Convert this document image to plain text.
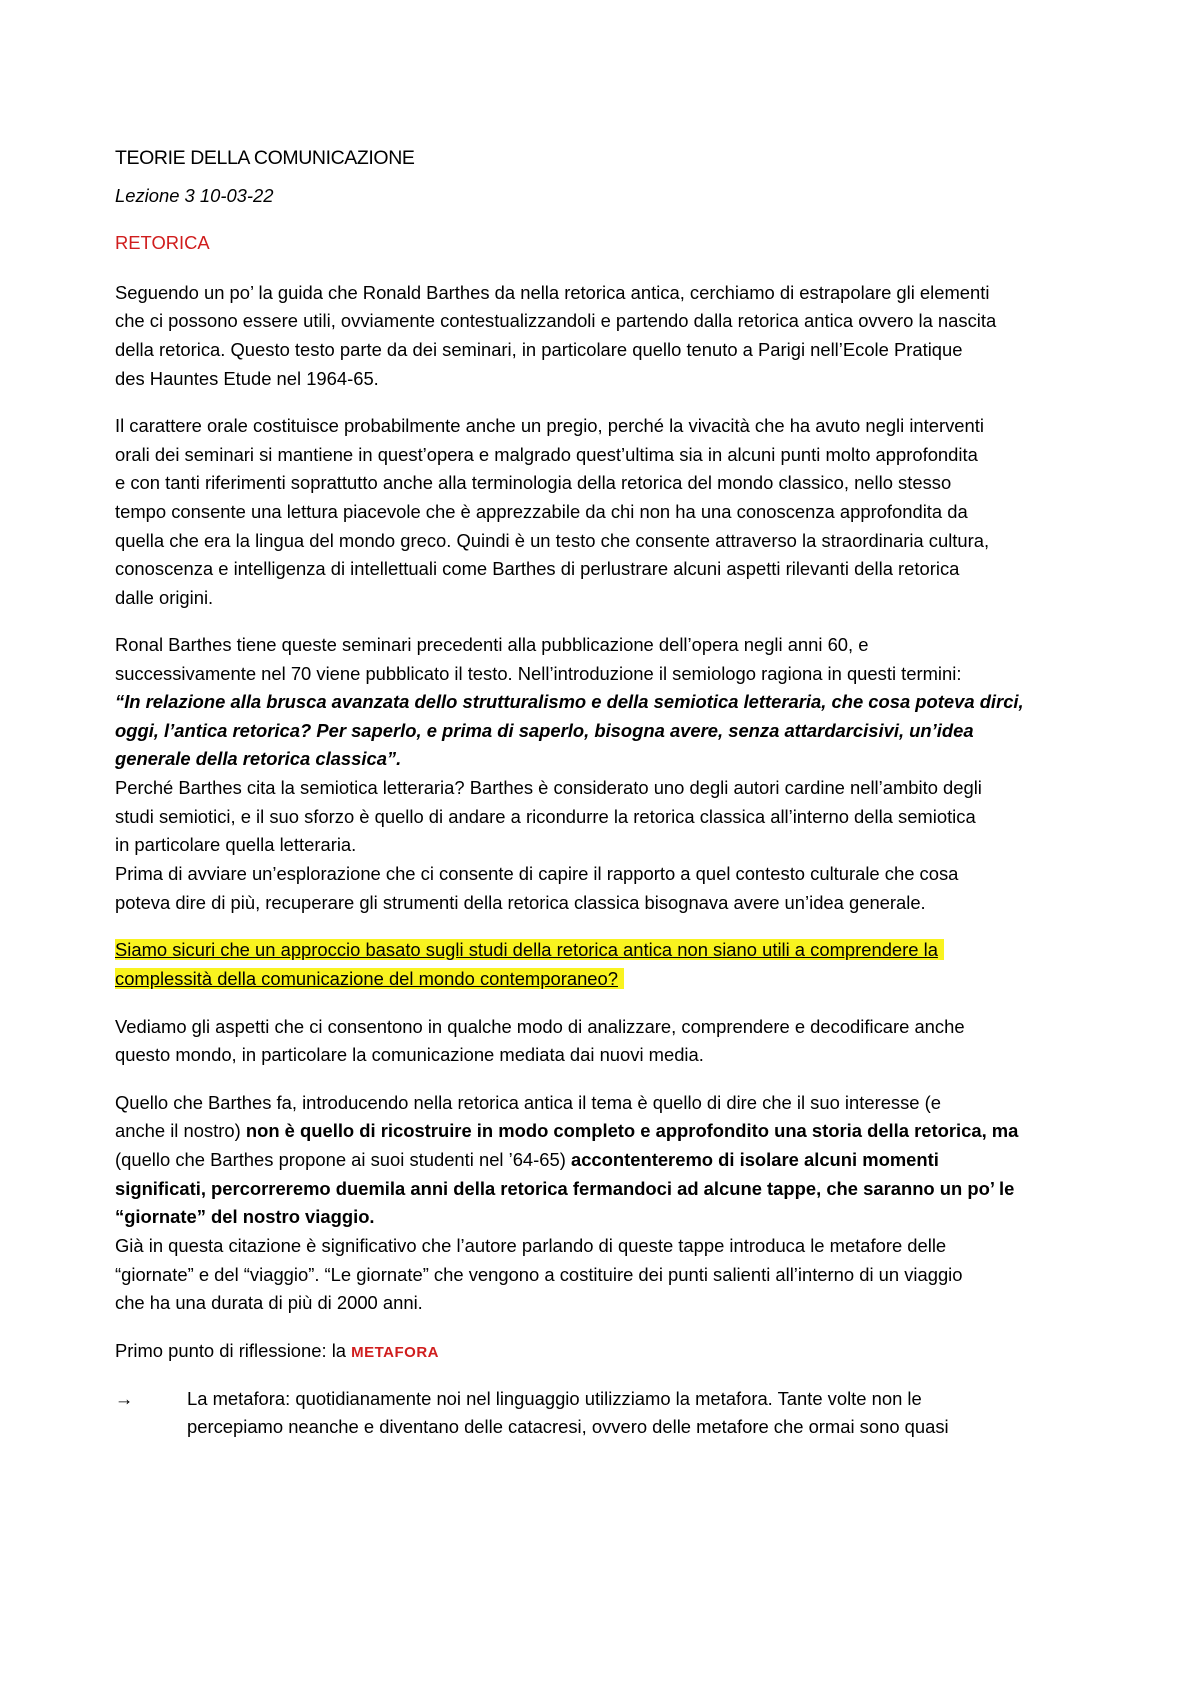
TEORIE DELLA COMUNICAZIONE
Lezione 3 10-03-22
RETORICA
Seguendo un po’ la guida che Ronald Barthes da nella retorica antica, cerchiamo di estrapolare gli elementi
che ci possono essere utili, ovviamente contestualizzandoli e partendo dalla retorica antica ovvero la nascita
della retorica. Questo testo parte da dei seminari, in particolare quello tenuto a Parigi nell’Ecole Pratique
des Hauntes Etude nel 1964-65.
Il carattere orale costituisce probabilmente anche un pregio, perché la vivacità che ha avuto negli interventi
orali dei seminari si mantiene in quest’opera e malgrado quest’ultima sia in alcuni punti molto approfondita
e con tanti riferimenti soprattutto anche alla terminologia della retorica del mondo classico, nello stesso
tempo consente una lettura piacevole che è apprezzabile da chi non ha una conoscenza approfondita da
quella che era la lingua del mondo greco. Quindi è un testo che consente attraverso la straordinaria cultura,
conoscenza e intelligenza di intellettuali come Barthes di perlustrare alcuni aspetti rilevanti della retorica
dalle origini.
Ronal Barthes tiene queste seminari precedenti alla pubblicazione dell’opera negli anni 60, e
successivamente nel 70 viene pubblicato il testo. Nell’introduzione il semiologo ragiona in questi termini:
“In relazione alla brusca avanzata dello strutturalismo e della semiotica letteraria, che cosa poteva dirci,
oggi, l’antica retorica? Per saperlo, e prima di saperlo, bisogna avere, senza attardarcisivi, un’idea
generale della retorica classica”.
Perché Barthes cita la semiotica letteraria? Barthes è considerato uno degli autori cardine nell’ambito degli
studi semiotici, e il suo sforzo è quello di andare a ricondurre la retorica classica all’interno della semiotica
in particolare quella letteraria.
Prima di avviare un’esplorazione che ci consente di capire il rapporto a quel contesto culturale che cosa
poteva dire di più, recuperare gli strumenti della retorica classica bisognava avere un’idea generale.
Siamo sicuri che un approccio basato sugli studi della retorica antica non siano utili a comprendere la
complessità della comunicazione del mondo contemporaneo?
Vediamo gli aspetti che ci consentono in qualche modo di analizzare, comprendere e decodificare anche
questo mondo, in particolare la comunicazione mediata dai nuovi media.
Quello che Barthes fa, introducendo nella retorica antica il tema è quello di dire che il suo interesse (e
anche il nostro) non è quello di ricostruire in modo completo e approfondito una storia della retorica, ma
(quello che Barthes propone ai suoi studenti nel ’64-65) accontenteremo di isolare alcuni momenti
significati, percorreremo duemila anni della retorica fermandoci ad alcune tappe, che saranno un po’ le
“giornate” del nostro viaggio.
Già in questa citazione è significativo che l’autore parlando di queste tappe introduca le metafore delle
“giornate” e del “viaggio”. “Le giornate” che vengono a costituire dei punti salienti all’interno di un viaggio
che ha una durata di più di 2000 anni.
Primo punto di riflessione: la METAFORA
→	La metafora: quotidianamente noi nel linguaggio utilizziamo la metafora. Tante volte non le
percepiamo neanche e diventano delle catacresi, ovvero delle metafore che ormai sono quasi
